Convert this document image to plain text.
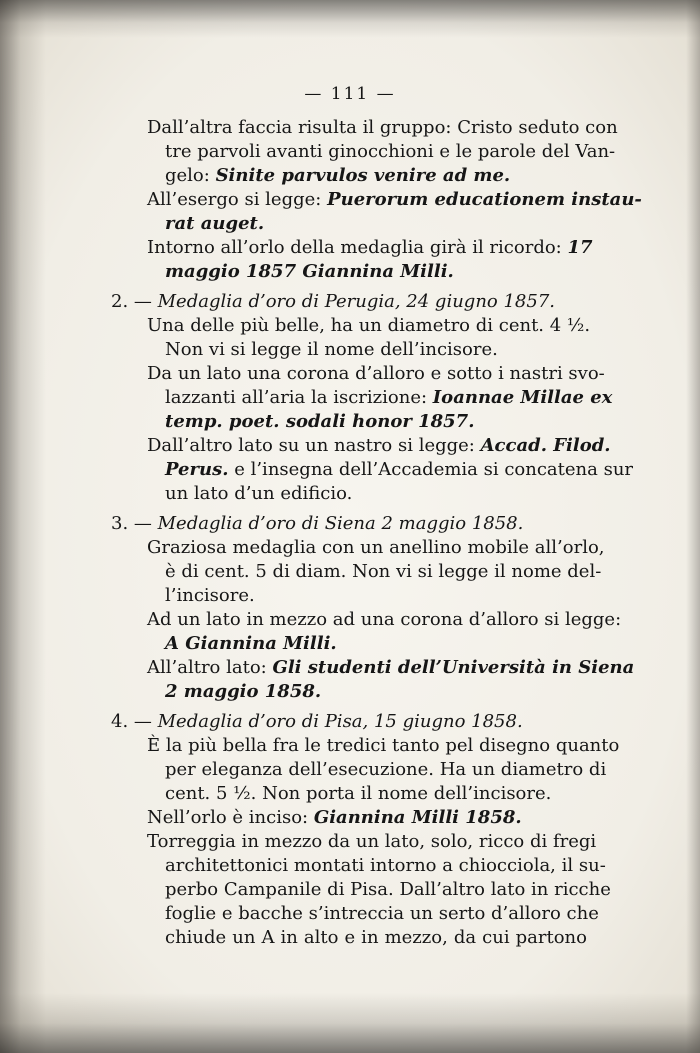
— 111 —
Dall’altra faccia risulta il gruppo: Cristo seduto con
tre parvoli avanti ginocchioni e le parole del Van-
gelo: Sinite parvulos venire ad me.
All’esergo si legge: Puerorum educationem instau-
rat auget.
Intorno all’orlo della medaglia girà il ricordo: 17
maggio 1857 Giannina Milli.
2. — Medaglia d’oro di Perugia, 24 giugno 1857.
Una delle più belle, ha un diametro di cent. 4 ½.
Non vi si legge il nome dell’incisore.
Da un lato una corona d’alloro e sotto i nastri svo-
lazzanti all’aria la iscrizione: Ioannae Millae ex
temp. poet. sodali honor 1857.
Dall’altro lato su un nastro si legge: Accad. Filod.
Perus. e l’insegna dell’Accademia si concatena sur
un lato d’un edificio.
3. — Medaglia d’oro di Siena 2 maggio 1858.
Graziosa medaglia con un anellino mobile all’orlo,
è di cent. 5 di diam. Non vi si legge il nome del-
l’incisore.
Ad un lato in mezzo ad una corona d’alloro si legge:
A Giannina Milli.
All’altro lato: Gli studenti dell’Università in Siena
2 maggio 1858.
4. — Medaglia d’oro di Pisa, 15 giugno 1858.
È la più bella fra le tredici tanto pel disegno quanto
per eleganza dell’esecuzione. Ha un diametro di
cent. 5 ½. Non porta il nome dell’incisore.
Nell’orlo è inciso: Giannina Milli 1858.
Torreggia in mezzo da un lato, solo, ricco di fregi
architettonici montati intorno a chiocciola, il su-
perbo Campanile di Pisa. Dall’altro lato in ricche
foglie e bacche s’intreccia un serto d’alloro che
chiude un A in alto e in mezzo, da cui partono
